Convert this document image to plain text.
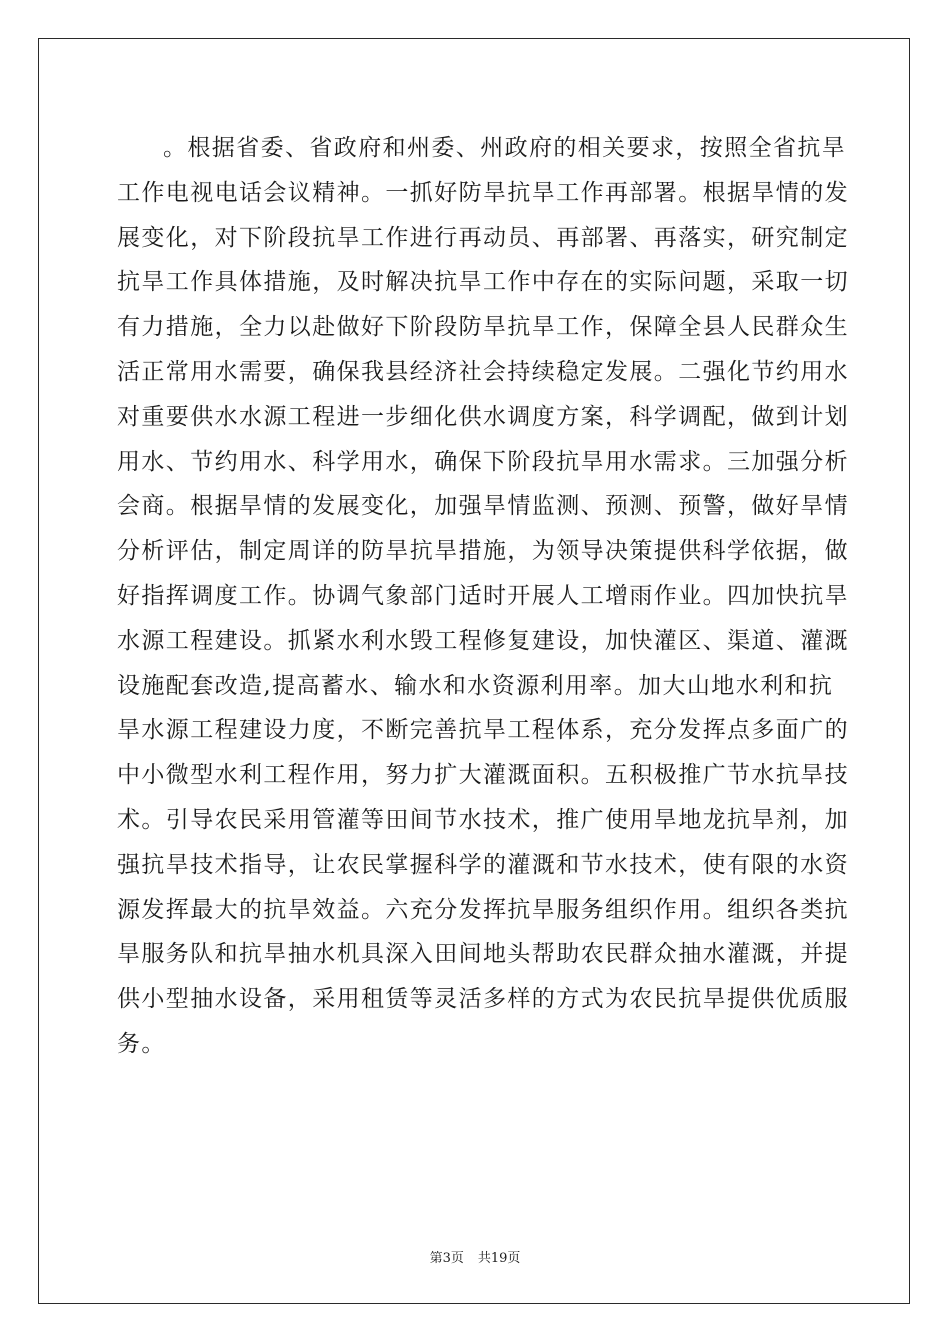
。根据省委、省政府和州委、州政府的相关要求，按照全省抗旱
工作电视电话会议精神。一抓好防旱抗旱工作再部署。根据旱情的发
展变化，对下阶段抗旱工作进行再动员、再部署、再落实，研究制定
抗旱工作具体措施，及时解决抗旱工作中存在的实际问题，采取一切
有力措施，全力以赴做好下阶段防旱抗旱工作，保障全县人民群众生
活正常用水需要，确保我县经济社会持续稳定发展。二强化节约用水
对重要供水水源工程进一步细化供水调度方案，科学调配，做到计划
用水、节约用水、科学用水，确保下阶段抗旱用水需求。三加强分析
会商。根据旱情的发展变化，加强旱情监测、预测、预警，做好旱情
分析评估，制定周详的防旱抗旱措施，为领导决策提供科学依据，做
好指挥调度工作。协调气象部门适时开展人工增雨作业。四加快抗旱
水源工程建设。抓紧水利水毁工程修复建设，加快灌区、渠道、灌溉
设施配套改造,提高蓄水、输水和水资源利用率。加大山地水利和抗
旱水源工程建设力度，不断完善抗旱工程体系，充分发挥点多面广的
中小微型水利工程作用，努力扩大灌溉面积。五积极推广节水抗旱技
术。引导农民采用管灌等田间节水技术，推广使用旱地龙抗旱剂，加
强抗旱技术指导，让农民掌握科学的灌溉和节水技术，使有限的水资
源发挥最大的抗旱效益。六充分发挥抗旱服务组织作用。组织各类抗
旱服务队和抗旱抽水机具深入田间地头帮助农民群众抽水灌溉，并提
供小型抽水设备，采用租赁等灵活多样的方式为农民抗旱提供优质服
务。
第3页 共19页
